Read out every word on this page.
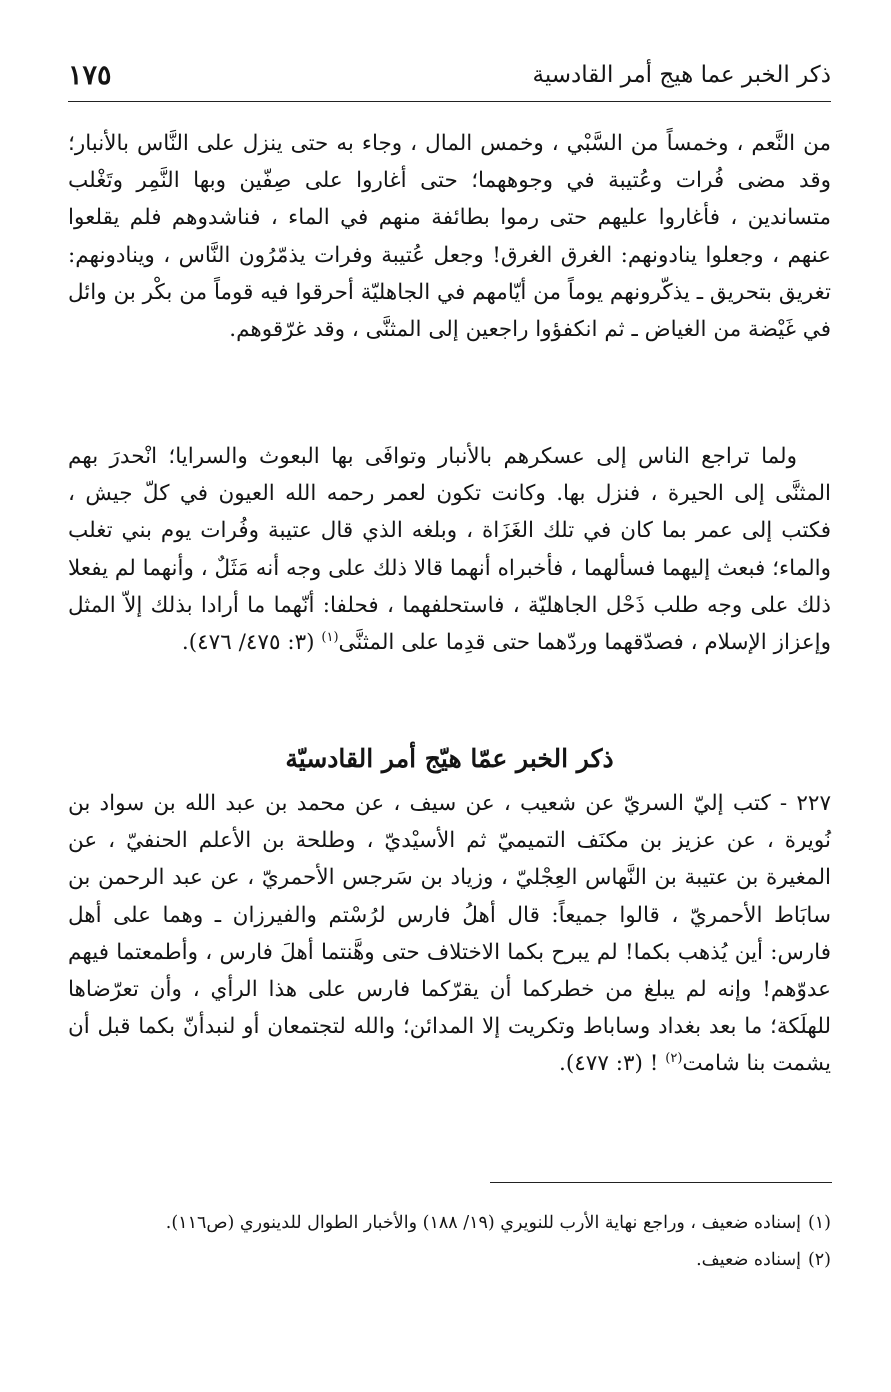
ذكر الخبر عما هيج أمر القادسية
١٧٥

من النَّعم ، وخمساً من السَّبْي ، وخمس المال ، وجاء به حتى ينزل على النَّاس بالأنبار؛ وقد مضى فُرات وعُتيبة في وجوههما؛ حتى أغاروا على صِفّين وبها النَّمِر وتَغْلب متساندين ، فأغاروا عليهم حتى رموا بطائفة منهم في الماء ، فناشدوهم فلم يقلعوا عنهم ، وجعلوا ينادونهم: الغرق الغرق! وجعل عُتيبة وفرات يذمّرُون النَّاس ، وينادونهم: تغريق بتحريق ـ يذكّرونهم يوماً من أيّامهم في الجاهليّة أحرقوا فيه قوماً من بكْر بن وائل في غَيْضة من الغياض ـ ثم انكفؤوا راجعين إلى المثنَّى ، وقد غرّقوهم.

ولما تراجع الناس إلى عسكرهم بالأنبار وتوافَى بها البعوث والسرايا؛ انْحدرَ بهم المثنَّى إلى الحيرة ، فنزل بها. وكانت تكون لعمر رحمه الله العيون في كلّ جيش ، فكتب إلى عمر بما كان في تلك الغَزَاة ، وبلغه الذي قال عتيبة وفُرات يوم بني تغلب والماء؛ فبعث إليهما فسألهما ، فأخبراه أنهما قالا ذلك على وجه أنه مَثَلٌ ، وأنهما لم يفعلا ذلك على وجه طلب ذَحْل الجاهليّة ، فاستحلفهما ، فحلفا: أنّهما ما أرادا بذلك إلاّ المثل وإعزاز الإسلام ، فصدّقهما وردّهما حتى قدِما على المثنَّى$^{(١)}$ (٣: ٤٧٥/ ٤٧٦).

ذكر الخبر عمّا هيّج أمر القادسيّة

٢٢٧ - كتب إليّ السريّ عن شعيب ، عن سيف ، عن محمد بن عبد الله بن سواد بن نُويرة ، عن عزيز بن مكنَف التميميّ ثم الأسيْديّ ، وطلحة بن الأعلم الحنفيّ ، عن المغيرة بن عتيبة بن النَّهاس العِجْليّ ، وزياد بن سَرجس الأحمريّ ، عن عبد الرحمن بن سابَاط الأحمريّ ، قالوا جميعاً: قال أهلُ فارس لرُسْتم والفيرزان ـ وهما على أهل فارس: أين يُذهب بكما! لم يبرح بكما الاختلاف حتى وهَّنتما أهلَ فارس ، وأطمعتما فيهم عدوّهم! وإنه لم يبلغ من خطركما أن يقرّكما فارس على هذا الرأي ، وأن تعرّضاها للهلَكة؛ ما بعد بغداد وساباط وتكريت إلا المدائن؛ والله لتجتمعان أو لنبدأنّ بكما قبل أن يشمت بنا شامت$^{(٢)}$ ! (٣: ٤٧٧).

(١)
إسناده ضعيف ، وراجع نهاية الأرب للنويري (١٩/ ١٨٨) والأخبار الطوال للدينوري (ص١١٦).
(٢)
إسناده ضعيف.
